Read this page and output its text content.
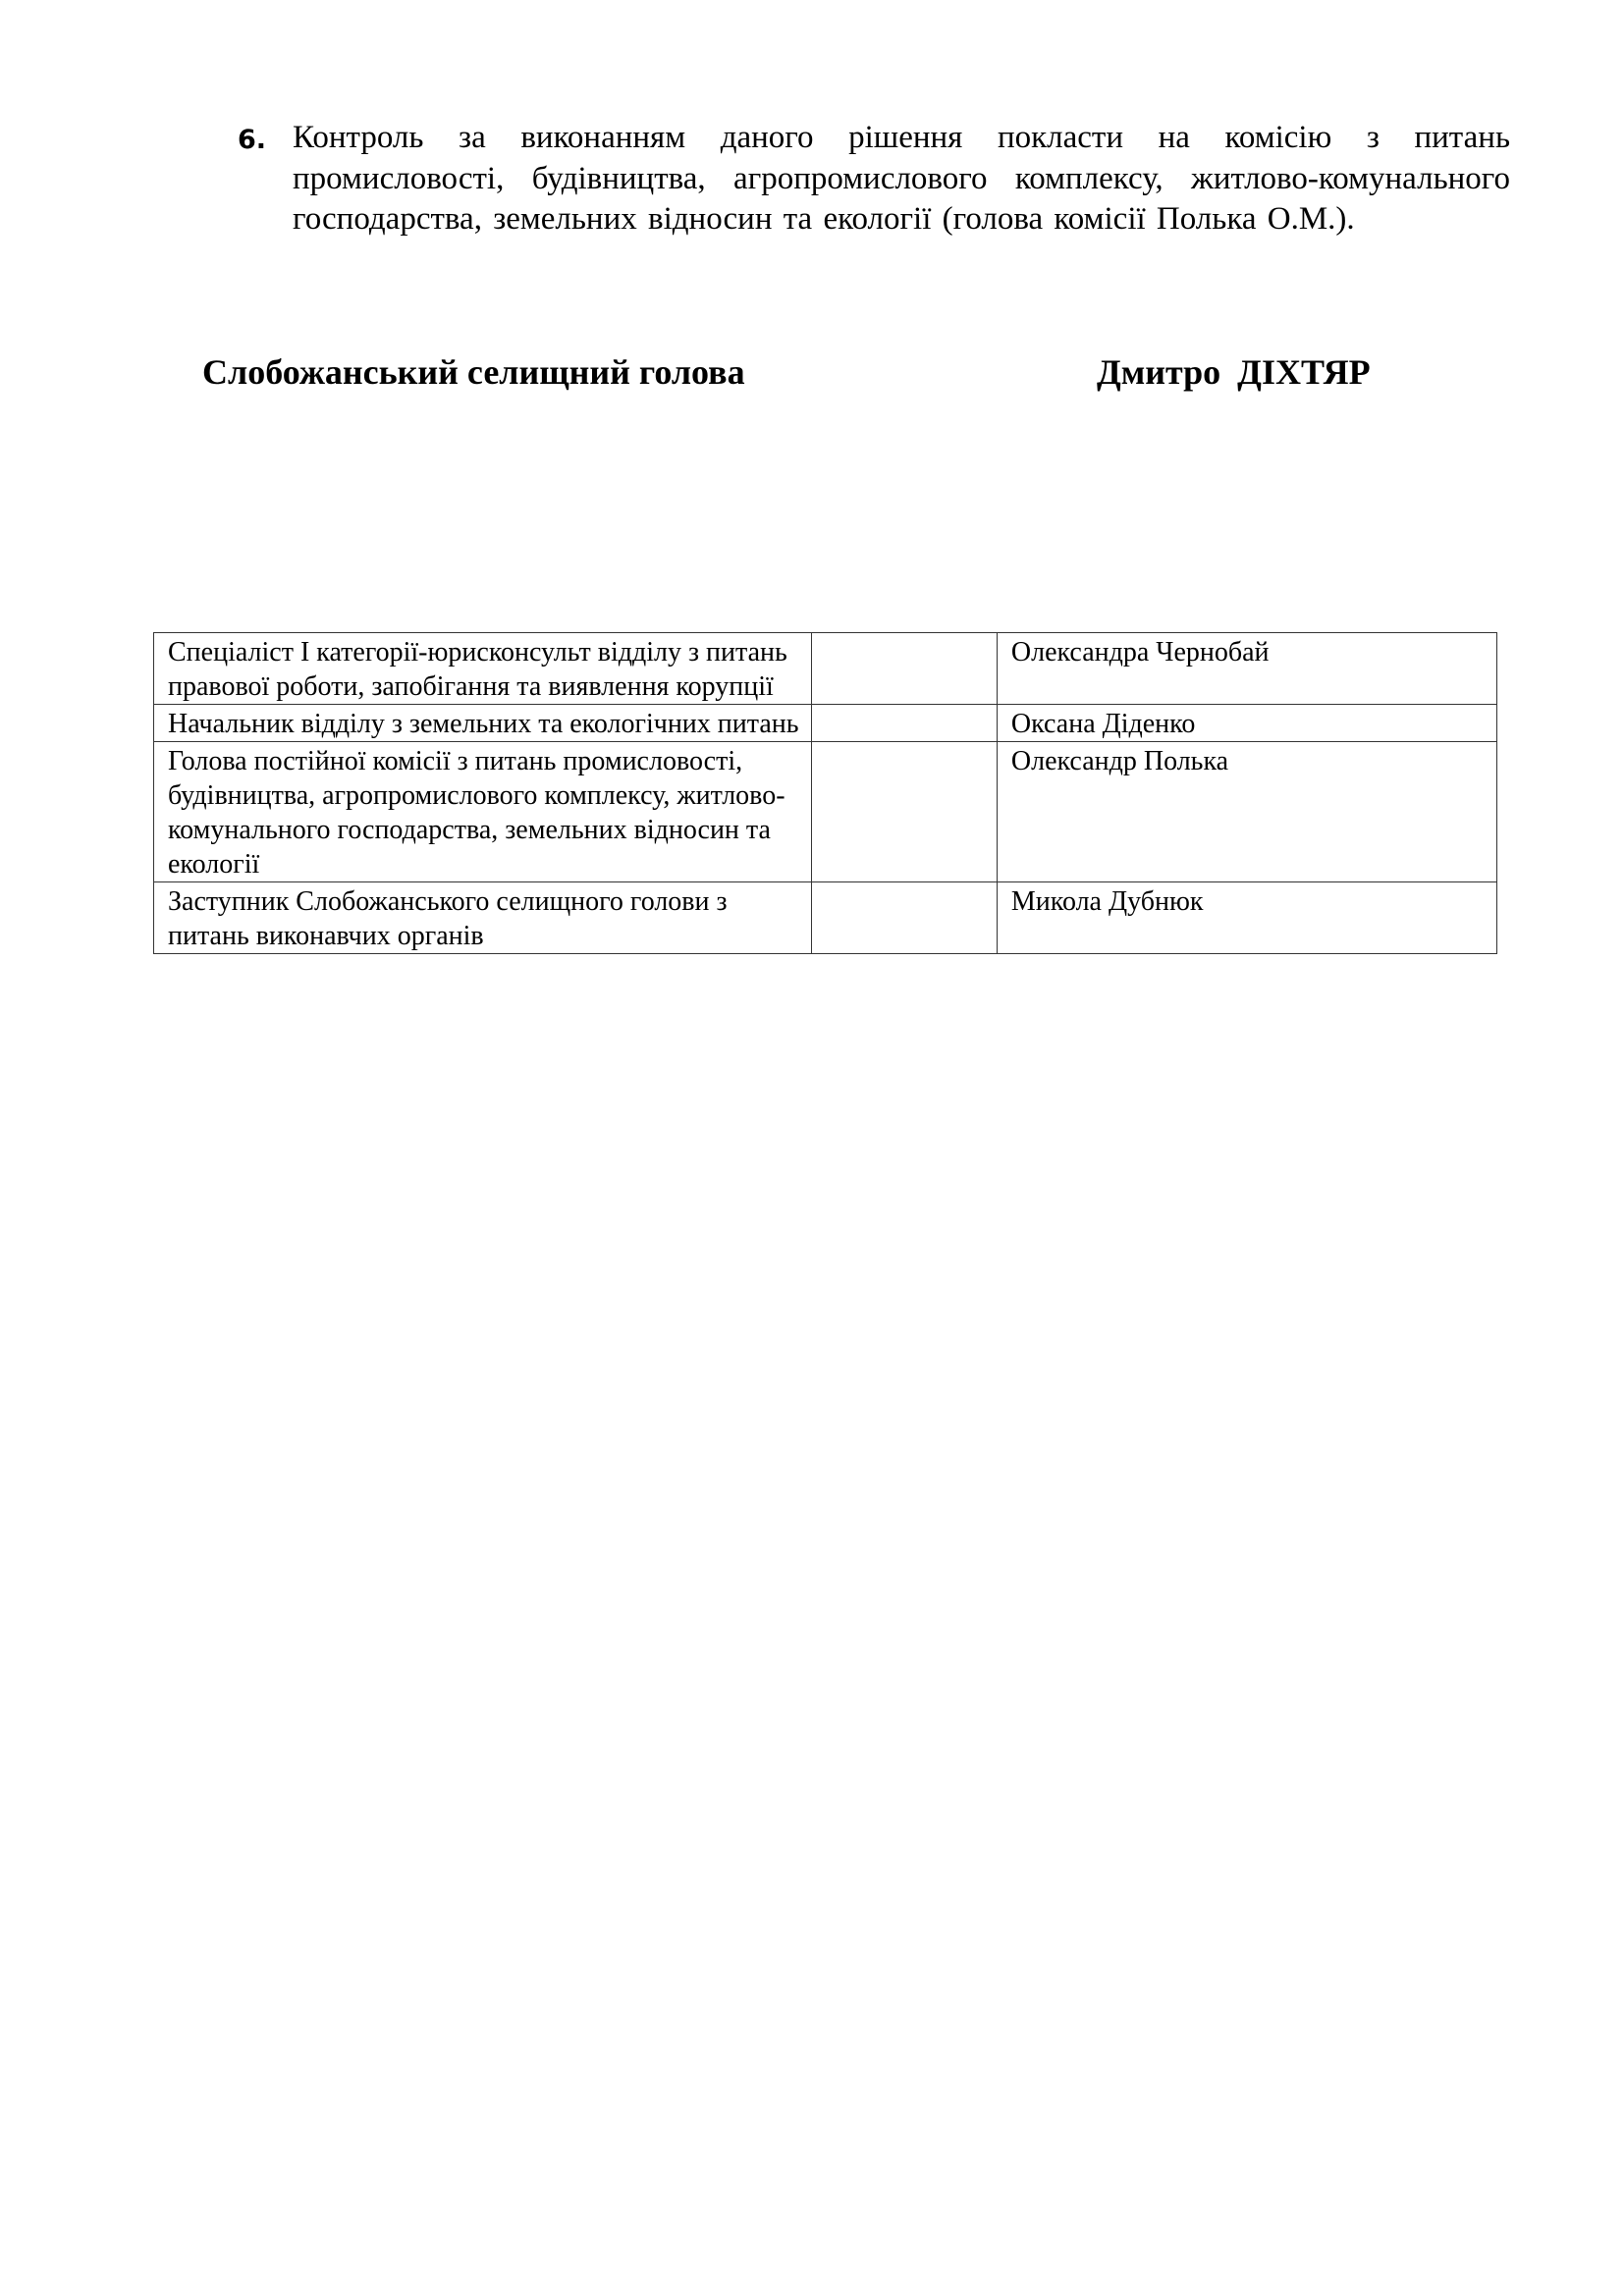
6. Контроль за виконанням даного рішення покласти на комісію з питань промисловості, будівництва, агропромислового комплексу, житлово-комунального господарства, земельних відносин та екології (голова комісії Полька О.М.).
Слобожанський селищний голова	Дмитро ДІХТЯР
Спеціаліст І категорії-юрисконсульт відділу з питань правової роботи, запобігання та виявлення корупції		Олександра Чернобай
Начальник відділу з земельних та екологічних питань		Оксана Діденко
Голова постійної комісії з питань промисловості, будівництва, агропромислового комплексу, житлово-комунального господарства, земельних відносин та екології		Олександр Полька
Заступник Слобожанського селищного голови з питань виконавчих органів		Микола Дубнюк
